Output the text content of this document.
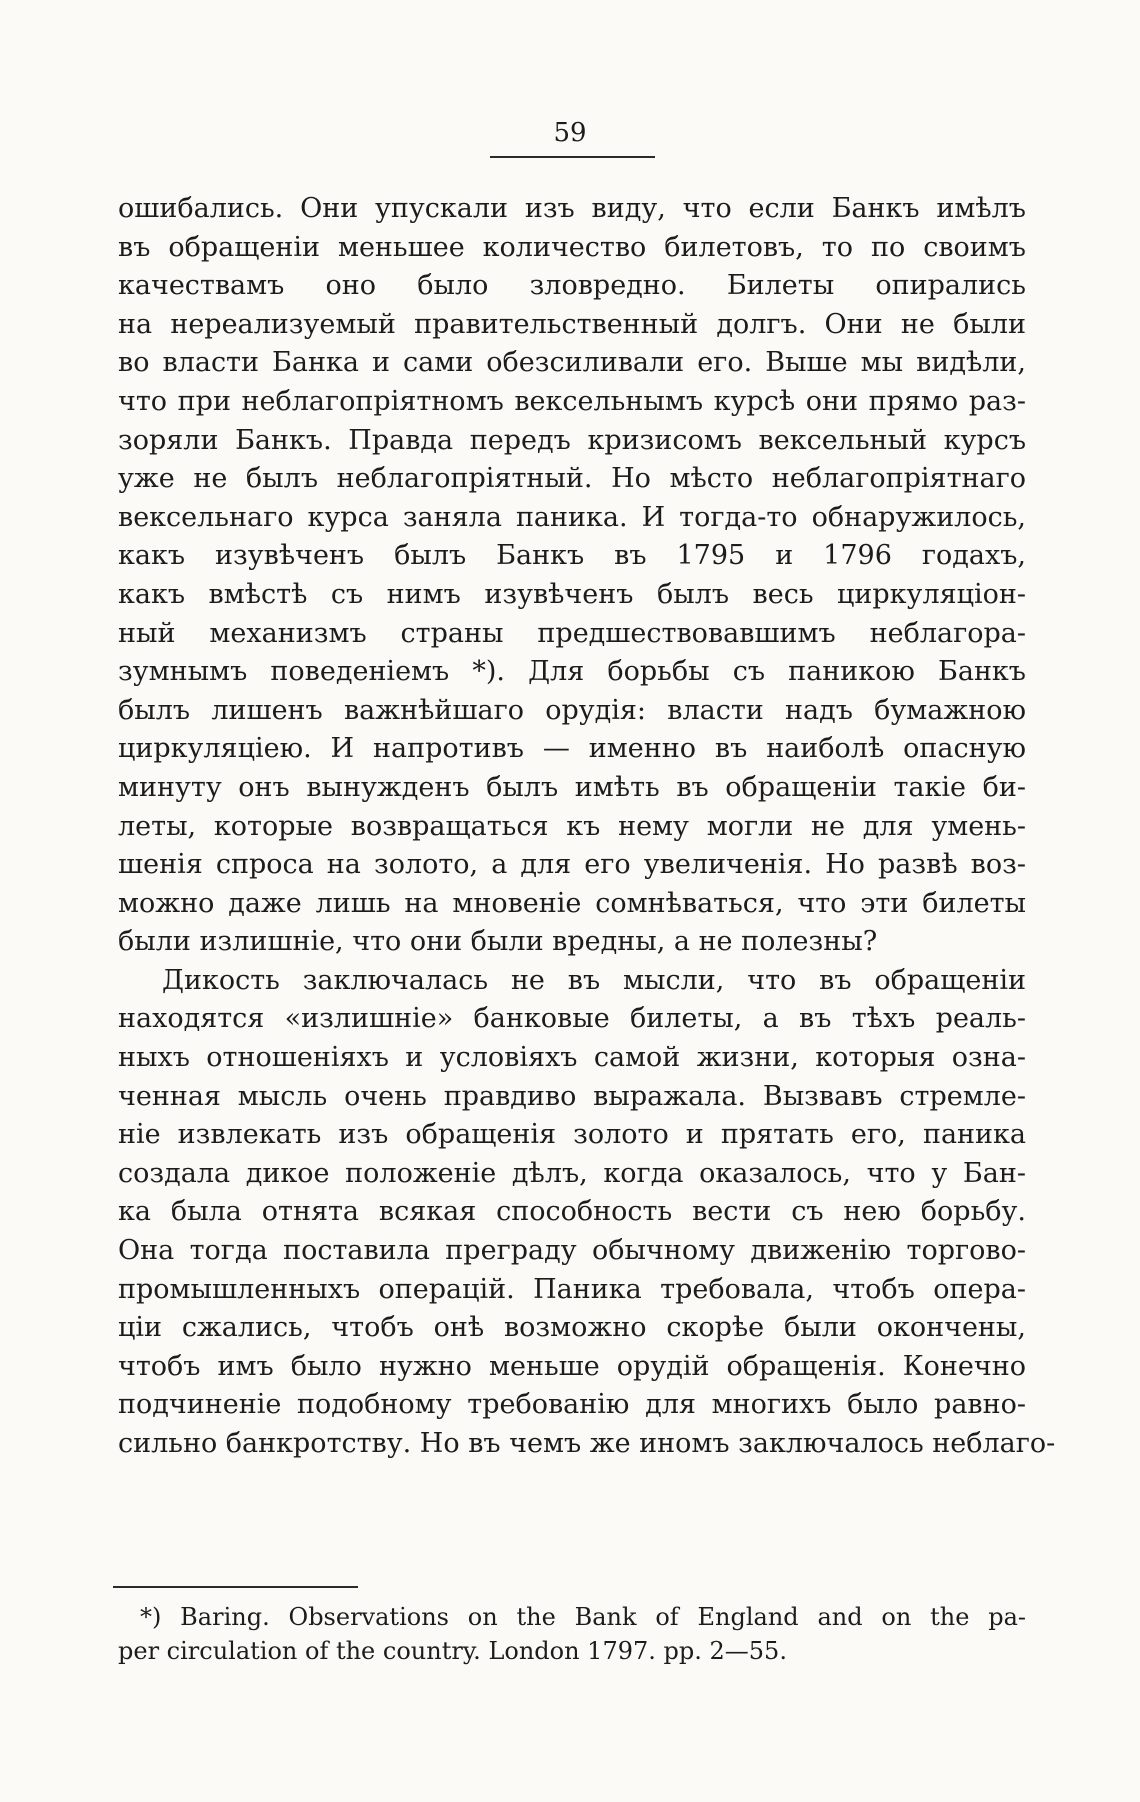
59
ошибались. Они упускали изъ виду, что если Банкъ имѣлъ
въ обращеніи меньшее количество билетовъ, то по своимъ
качествамъ оно было зловредно. Билеты опирались
на нереализуемый правительственный долгъ. Они не были
во власти Банка и сами обезсиливали его. Выше мы видѣли,
что при неблагопріятномъ вексельнымъ курсѣ они прямо раз-
зоряли Банкъ. Правда передъ кризисомъ вексельный курсъ
уже не былъ неблагопріятный. Но мѣсто неблагопріятнаго
вексельнаго курса заняла паника. И тогда-то обнаружилось,
какъ изувѣченъ былъ Банкъ въ 1795 и 1796 годахъ,
какъ вмѣстѣ съ нимъ изувѣченъ былъ весь циркуляціон-
ный механизмъ страны предшествовавшимъ неблагора-
зумнымъ поведеніемъ *). Для борьбы съ паникою Банкъ
былъ лишенъ важнѣйшаго орудія: власти надъ бумажною
циркуляціею. И напротивъ — именно въ наиболѣ опасную
минуту онъ вынужденъ былъ имѣть въ обращеніи такіе би-
леты, которые возвращаться къ нему могли не для умень-
шенія спроса на золото, а для его увеличенія. Но развѣ воз-
можно даже лишь на мновеніе сомнѣваться, что эти билеты
были излишніе, что они были вредны, а не полезны?
Дикость заключалась не въ мысли, что въ обращеніи
находятся «излишніе» банковые билеты, а въ тѣхъ реаль-
ныхъ отношеніяхъ и условіяхъ самой жизни, которыя озна-
ченная мысль очень правдиво выражала. Вызвавъ стремле-
ніе извлекать изъ обращенія золото и прятать его, паника
создала дикое положеніе дѣлъ, когда оказалось, что у Бан-
ка была отнята всякая способность вести съ нею борьбу.
Она тогда поставила преграду обычному движенію торгово-
промышленныхъ операцій. Паника требовала, чтобъ опера-
ціи сжались, чтобъ онѣ возможно скорѣе были окончены,
чтобъ имъ было нужно меньше орудій обращенія. Конечно
подчиненіе подобному требованію для многихъ было равно-
сильно банкротству. Но въ чемъ же иномъ заключалось неблаго-
*) Baring. Observations on the Bank of England and on the pa-
per circulation of the country. London 1797. pp. 2—55.
